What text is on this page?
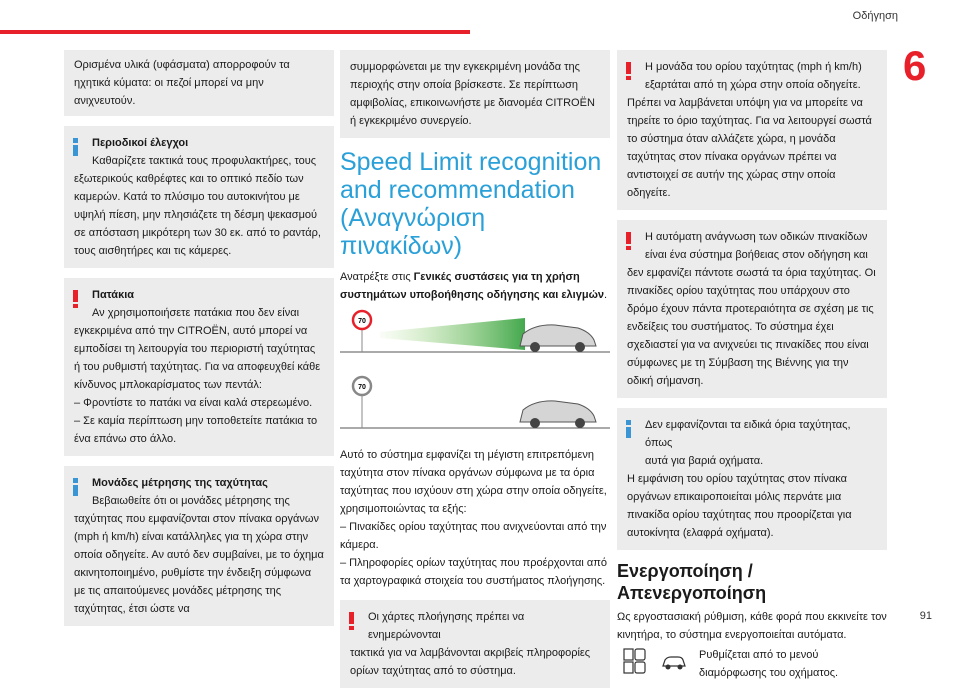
Οδήγηση
6
91

Ορισμένα υλικά (υφάσματα) απορροφούν τα ηχητικά κύματα: οι πεζοί μπορεί να μην ανιχνευτούν.

Περιοδικοί έλεγχοι
Καθαρίζετε τακτικά τους προφυλακτήρες, τους
εξωτερικούς καθρέφτες και το οπτικό πεδίο των καμερών. Κατά το πλύσιμο του αυτοκινήτου με υψηλή πίεση, μην πλησιάζετε τη δέσμη ψεκασμού σε απόσταση μικρότερη των 30 εκ. από το ραντάρ, τους αισθητήρες και τις κάμερες.
Πατάκια
Αν χρησιμοποιήσετε πατάκια που δεν είναι
εγκεκριμένα από την CITROËN, αυτό μπορεί να εμποδίσει τη λειτουργία του περιοριστή ταχύτητας ή του ρυθμιστή ταχύτητας. Για να αποφευχθεί κάθε κίνδυνος μπλοκαρίσματος των πεντάλ:
– Φροντίστε το πατάκι να είναι καλά στερεωμένο.
– Σε καμία περίπτωση μην τοποθετείτε πατάκια το ένα επάνω στο άλλο.
Μονάδες μέτρησης της ταχύτητας
Βεβαιωθείτε ότι οι μονάδες μέτρησης της
ταχύτητας που εμφανίζονται στον πίνακα οργάνων (mph ή km/h) είναι κατάλληλες για τη χώρα στην οποία οδηγείτε. Αν αυτό δεν συμβαίνει, με το όχημα ακινητοποιημένο, ρυθμίστε την ένδειξη σύμφωνα με τις απαιτούμενες μονάδες μέτρησης της ταχύτητας, έτσι ώστε να
συμμορφώνεται με την εγκεκριμένη μονάδα της περιοχής στην οποία βρίσκεστε. Σε περίπτωση αμφιβολίας, επικοινωνήστε με διανομέα CITROËN ή εγκεκριμένο συνεργείο.
Speed Limit recognition and recommendation (Αναγνώριση πινακίδων)

Ανατρέξτε στις Γενικές συστάσεις για τη χρήση συστημάτων υποβοήθησης οδήγησης και ελιγμών.

70
70

Αυτό το σύστημα εμφανίζει τη μέγιστη επιτρεπόμενη ταχύτητα στον πίνακα οργάνων σύμφωνα με τα όρια ταχύτητας που ισχύουν στη χώρα στην οποία οδηγείτε, χρησιμοποιώντας τα εξής:

– Πινακίδες ορίου ταχύτητας που ανιχνεύονται από την κάμερα.

– Πληροφορίες ορίων ταχύτητας που προέρχονται από τα χαρτογραφικά στοιχεία του συστήματος πλοήγησης.

Οι χάρτες πλοήγησης πρέπει να ενημερώνονται
τακτικά για να λαμβάνονται ακριβείς πληροφορίες ορίων ταχύτητας από το σύστημα.
Η μονάδα του ορίου ταχύτητας (mph ή km/h)
εξαρτάται από τη χώρα στην οποία οδηγείτε.
Πρέπει να λαμβάνεται υπόψη για να μπορείτε να τηρείτε το όριο ταχύτητας. Για να λειτουργεί σωστά το σύστημα όταν αλλάζετε χώρα, η μονάδα ταχύτητας στον πίνακα οργάνων πρέπει να αντιστοιχεί σε αυτήν της χώρας στην οποία οδηγείτε.
Η αυτόματη ανάγνωση των οδικών πινακίδων
είναι ένα σύστημα βοήθειας στον οδήγηση και
δεν εμφανίζει πάντοτε σωστά τα όρια ταχύτητας. Οι πινακίδες ορίου ταχύτητας που υπάρχουν στο δρόμο έχουν πάντα προτεραιότητα σε σχέση με τις ενδείξεις του συστήματος. Το σύστημα έχει σχεδιαστεί για να ανιχνεύει τις πινακίδες που είναι σύμφωνες με τη Σύμβαση της Βιέννης για την οδική σήμανση.
Δεν εμφανίζονται τα ειδικά όρια ταχύτητας, όπως
αυτά για βαριά οχήματα.
Η εμφάνιση του ορίου ταχύτητας στον πίνακα οργάνων επικαιροποιείται μόλις περνάτε μια πινακίδα ορίου ταχύτητας που προορίζεται για αυτοκίνητα (ελαφρά οχήματα).
Ενεργοποίηση / Απενεργοποίηση

Ως εργοστασιακή ρύθμιση, κάθε φορά που εκκινείτε τον κινητήρα, το σύστημα ενεργοποιείται αυτόματα.

Ρυθμίζεται από το μενού διαμόρφωσης του οχήματος.
